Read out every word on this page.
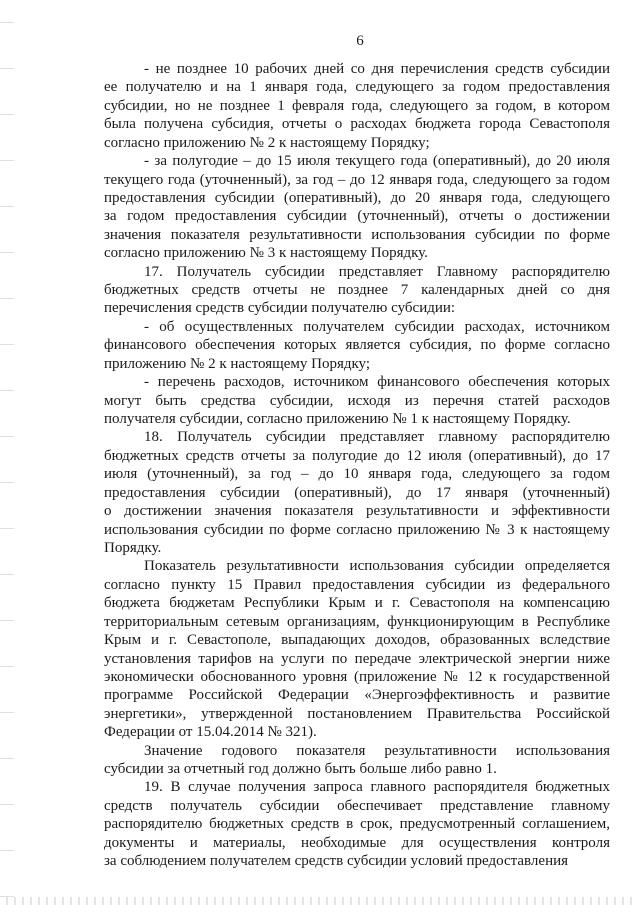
6
- не позднее 10 рабочих дней со дня перечисления средств субсидии
ее получателю и на 1 января года, следующего за годом предоставления
субсидии, но не позднее 1 февраля года, следующего за годом, в котором
была получена субсидия, отчеты о расходах бюджета города Севастополя
согласно приложению № 2 к настоящему Порядку;
- за полугодие – до 15 июля текущего года (оперативный), до 20 июля
текущего года (уточненный), за год – до 12 января года, следующего за годом
предоставления субсидии (оперативный), до 20 января года, следующего
за годом предоставления субсидии (уточненный), отчеты о достижении
значения показателя результативности использования субсидии по форме
согласно приложению № 3 к настоящему Порядку.
17. Получатель субсидии представляет Главному распорядителю
бюджетных средств отчеты не позднее 7 календарных дней со дня
перечисления средств субсидии получателю субсидии:
- об осуществленных получателем субсидии расходах, источником
финансового обеспечения которых является субсидия, по форме согласно
приложению № 2 к настоящему Порядку;
- перечень расходов, источником финансового обеспечения которых
могут быть средства субсидии, исходя из перечня статей расходов
получателя субсидии, согласно приложению № 1 к настоящему Порядку.
18. Получатель субсидии представляет главному распорядителю
бюджетных средств отчеты за полугодие до 12 июля (оперативный), до 17
июля (уточненный), за год – до 10 января года, следующего за годом
предоставления субсидии (оперативный), до 17 января (уточненный)
о достижении значения показателя результативности и эффективности
использования субсидии по форме согласно приложению № 3 к настоящему
Порядку.
Показатель результативности использования субсидии определяется
согласно пункту 15 Правил предоставления субсидии из федерального
бюджета бюджетам Республики Крым и г. Севастополя на компенсацию
территориальным сетевым организациям, функционирующим в Республике
Крым и г. Севастополе, выпадающих доходов, образованных вследствие
установления тарифов на услуги по передаче электрической энергии ниже
экономически обоснованного уровня (приложение № 12 к государственной
программе Российской Федерации «Энергоэффективность и развитие
энергетики», утвержденной постановлением Правительства Российской
Федерации от 15.04.2014 № 321).
Значение годового показателя результативности использования
субсидии за отчетный год должно быть больше либо равно 1.
19. В случае получения запроса главного распорядителя бюджетных
средств получатель субсидии обеспечивает представление главному
распорядителю бюджетных средств в срок, предусмотренный соглашением,
документы и материалы, необходимые для осуществления контроля
за соблюдением получателем средств субсидии условий предоставления
